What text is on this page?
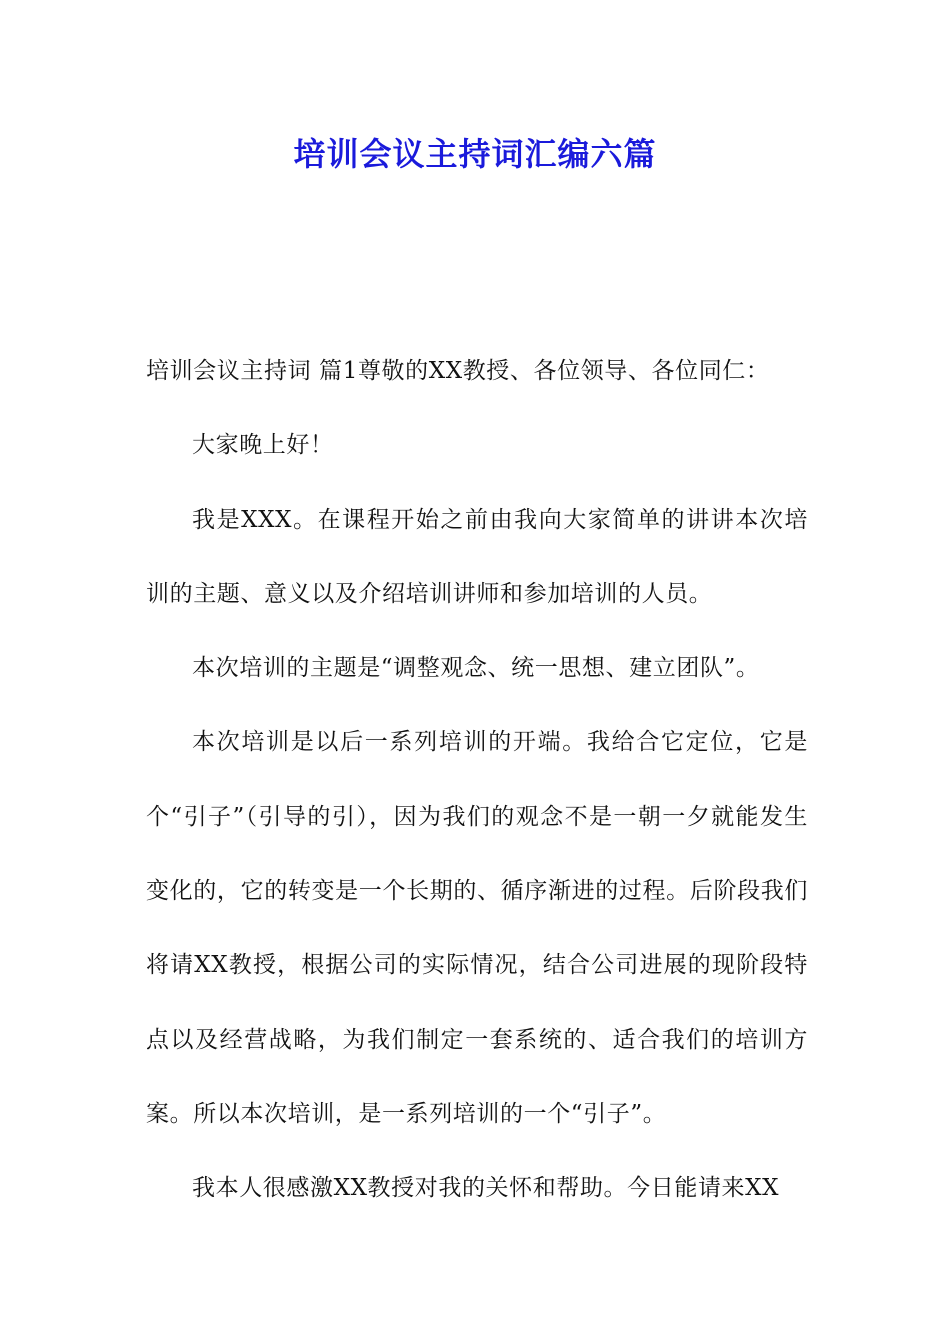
培训会议主持词汇编六篇

培训会议主持词 篇1尊敬的XX教授、各位领导、各位同仁：

大家晚上好！

我是XXX。在课程开始之前由我向大家简单的讲讲本次培训的主题、意义以及介绍培训讲师和参加培训的人员。

本次培训的主题是“调整观念、统一思想、建立团队”。

本次培训是以后一系列培训的开端。我给合它定位，它是个“引子”（引导的引），因为我们的观念不是一朝一夕就能发生变化的，它的转变是一个长期的、循序渐进的过程。后阶段我们将请XX教授，根据公司的实际情况，结合公司进展的现阶段特点以及经营战略，为我们制定一套系统的、适合我们的培训方案。所以本次培训，是一系列培训的一个“引子”。

我本人很感激XX教授对我的关怀和帮助。今日能请来XX
